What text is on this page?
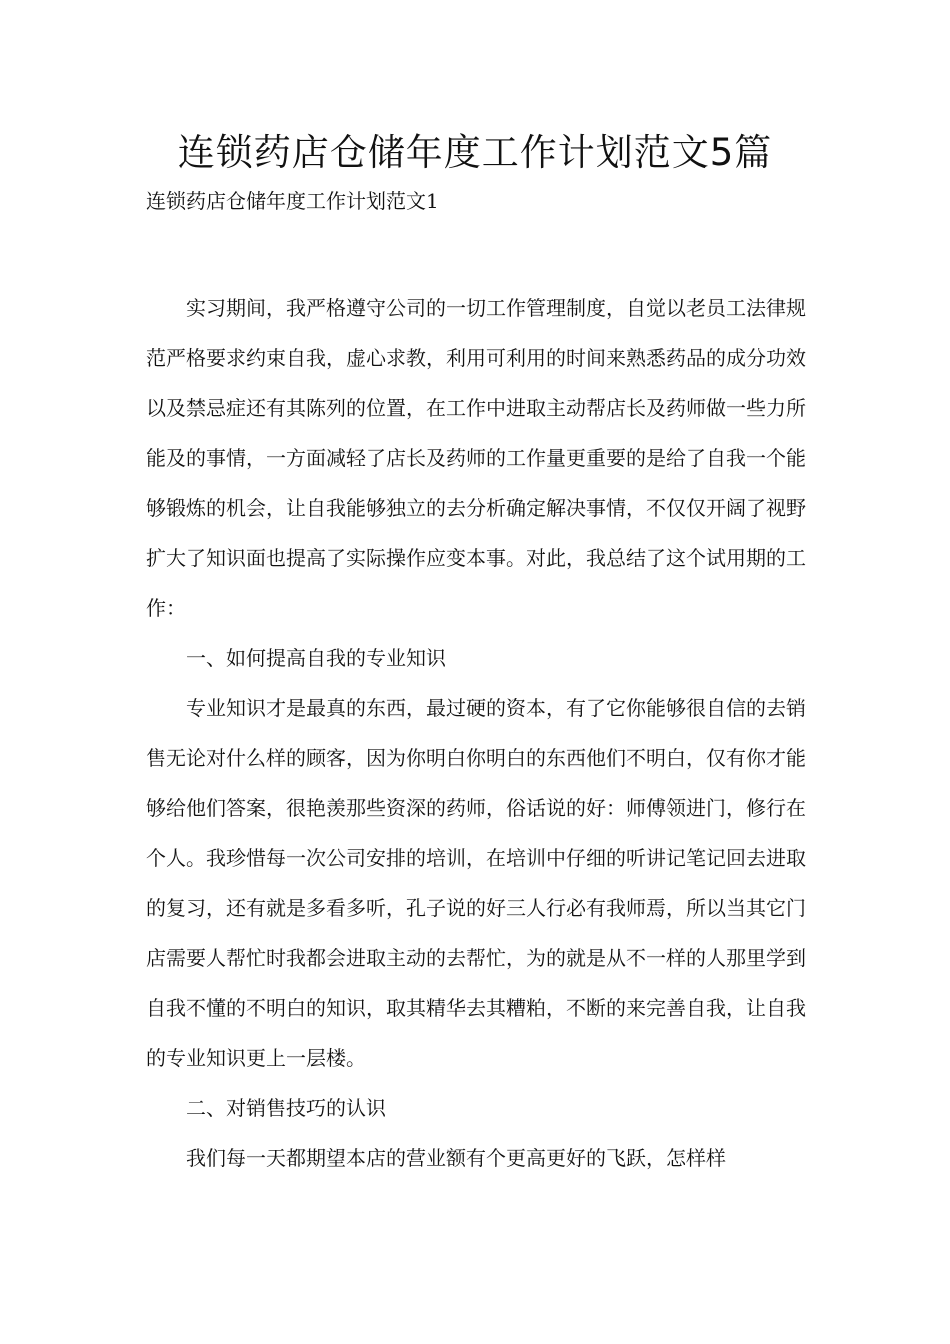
连锁药店仓储年度工作计划范文5篇

连锁药店仓储年度工作计划范文1

实习期间，我严格遵守公司的一切工作管理制度，自觉以老员工法律规范严格要求约束自我，虚心求教，利用可利用的时间来熟悉药品的成分功效以及禁忌症还有其陈列的位置，在工作中进取主动帮店长及药师做一些力所能及的事情，一方面减轻了店长及药师的工作量更重要的是给了自我一个能够锻炼的机会，让自我能够独立的去分析确定解决事情，不仅仅开阔了视野扩大了知识面也提高了实际操作应变本事。对此，我总结了这个试用期的工作：

一、如何提高自我的专业知识

专业知识才是最真的东西，最过硬的资本，有了它你能够很自信的去销售无论对什么样的顾客，因为你明白你明白的东西他们不明白，仅有你才能够给他们答案，很艳羡那些资深的药师，俗话说的好：师傅领进门，修行在个人。我珍惜每一次公司安排的培训，在培训中仔细的听讲记笔记回去进取的复习，还有就是多看多听，孔子说的好三人行必有我师焉，所以当其它门店需要人帮忙时我都会进取主动的去帮忙，为的就是从不一样的人那里学到自我不懂的不明白的知识，取其精华去其糟粕，不断的来完善自我，让自我的专业知识更上一层楼。

二、对销售技巧的认识

我们每一天都期望本店的营业额有个更高更好的飞跃，怎样样
